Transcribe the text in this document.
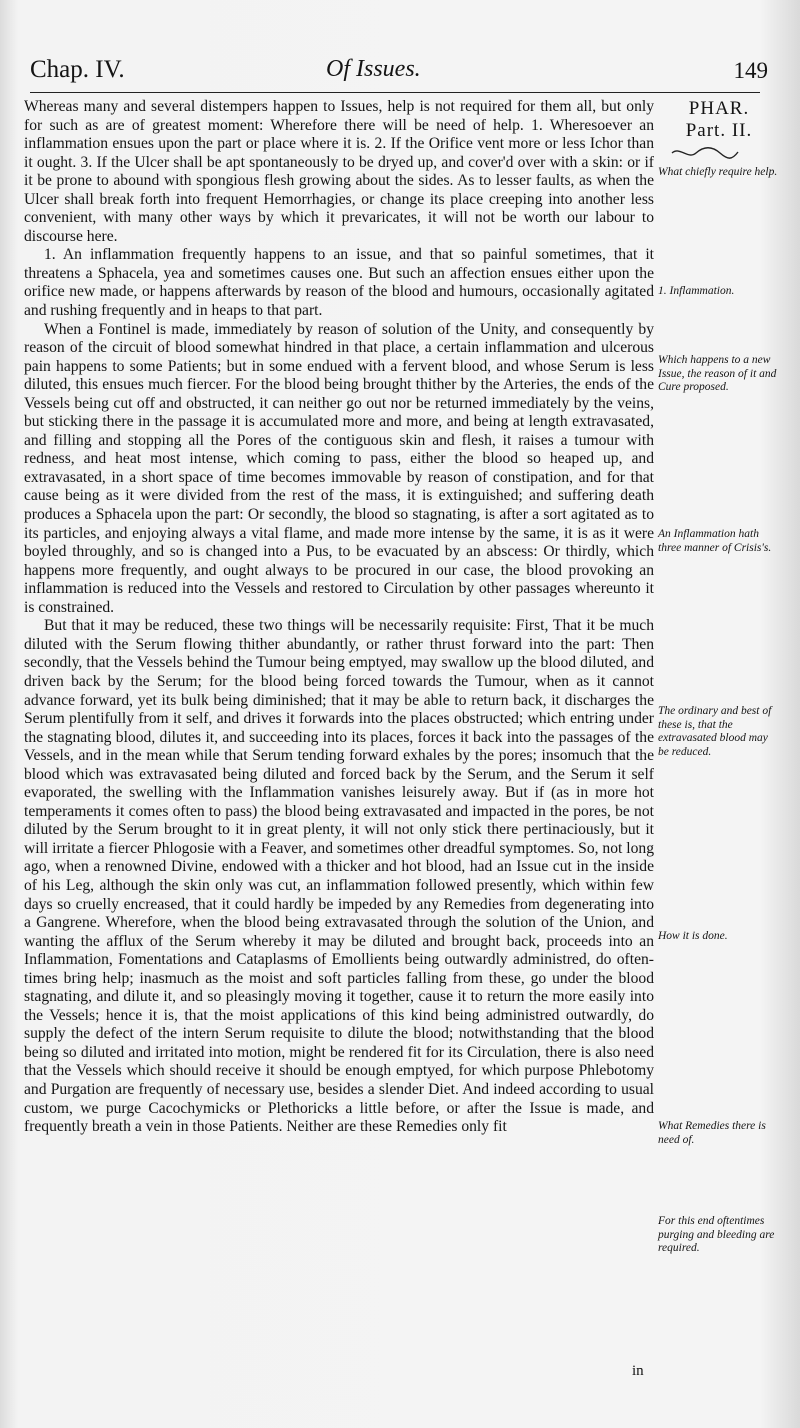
Chap. IV.	Of Issues.	149
PHAR.
Part. II.

Whereas many and several distempers happen to Issues, help is not required for them all, but only for such as are of greatest moment: Wherefore there will be need of help. 1. Wheresoever an inflammation ensues upon the part or place where it is. 2. If the Orifice vent more or less Ichor than it ought. 3. If the Ulcer shall be apt spontaneously to be dryed up, and cover'd over with a skin: or if it be prone to abound with spongious flesh growing about the sides. As to lesser faults, as when the Ulcer shall break forth into frequent Hemorrhagies, or change its place creeping into another less convenient, with many other ways by which it prevaricates, it will not be worth our labour to discourse here.

1. An inflammation frequently happens to an issue, and that so painful sometimes, that it threatens a Sphacela, yea and sometimes causes one. But such an affection ensues either upon the orifice new made, or happens afterwards by reason of the blood and humours, occasionally agitated and rushing frequently and in heaps to that part.

When a Fontinel is made, immediately by reason of solution of the Unity, and consequently by reason of the circuit of blood somewhat hindred in that place, a certain inflammation and ulcerous pain happens to some Patients; but in some endued with a fervent blood, and whose Serum is less diluted, this ensues much fiercer. For the blood being brought thither by the Arteries, the ends of the Vessels being cut off and obstructed, it can neither go out nor be returned immediately by the veins, but sticking there in the passage it is accumulated more and more, and being at length extravasated, and filling and stopping all the Pores of the contiguous skin and flesh, it raises a tumour with redness, and heat most intense, which coming to pass, either the blood so heaped up, and extravasated, in a short space of time becomes immovable by reason of constipation, and for that cause being as it were divided from the rest of the mass, it is extinguished; and suffering death produces a Sphacela upon the part: Or secondly, the blood so stagnating, is after a sort agitated as to its particles, and enjoying always a vital flame, and made more intense by the same, it is as it were boyled throughly, and so is changed into a Pus, to be evacuated by an abscess: Or thirdly, which happens more frequently, and ought always to be procured in our case, the blood provoking an inflammation is reduced into the Vessels and restored to Circulation by other passages whereunto it is constrained.

But that it may be reduced, these two things will be necessarily requisite: First, That it be much diluted with the Serum flowing thither abundantly, or rather thrust forward into the part: Then secondly, that the Vessels behind the Tumour being emptyed, may swallow up the blood diluted, and driven back by the Serum; for the blood being forced towards the Tumour, when as it cannot advance forward, yet its bulk being diminished; that it may be able to return back, it discharges the Serum plentifully from it self, and drives it forwards into the places obstructed; which entring under the stagnating blood, dilutes it, and succeeding into its places, forces it back into the passages of the Vessels, and in the mean while that Serum tending forward exhales by the pores; insomuch that the blood which was extravasated being diluted and forced back by the Serum, and the Serum it self evaporated, the swelling with the Inflammation vanishes leisurely away. But if (as in more hot temperaments it comes often to pass) the blood being extravasated and impacted in the pores, be not diluted by the Serum brought to it in great plenty, it will not only stick there pertinaciously, but it will irritate a fiercer Phlogosie with a Feaver, and sometimes other dreadful symptomes. So, not long ago, when a renowned Divine, endowed with a thicker and hot blood, had an Issue cut in the inside of his Leg, although the skin only was cut, an inflammation followed presently, which within few days so cruelly encreased, that it could hardly be impeded by any Remedies from degenerating into a Gangrene. Wherefore, when the blood being extravasated through the solution of the Union, and wanting the afflux of the Serum whereby it may be diluted and brought back, proceeds into an Inflammation, Fomentations and Cataplasms of Emollients being outwardly administred, do often-times bring help; inasmuch as the moist and soft particles falling from these, go under the blood stagnating, and dilute it, and so pleasingly moving it together, cause it to return the more easily into the Vessels; hence it is, that the moist applications of this kind being administred outwardly, do supply the defect of the intern Serum requisite to dilute the blood; notwithstanding that the blood being so diluted and irritated into motion, might be rendered fit for its Circulation, there is also need that the Vessels which should receive it should be enough emptyed, for which purpose Phlebotomy and Purgation are frequently of necessary use, besides a slender Diet. And indeed according to usual custom, we purge Cacochymicks or Plethoricks a little before, or after the Issue is made, and frequently breath a vein in those Patients. Neither are these Remedies only fit

in
What chiefly require help.
1. Inflammation.
Which happens to a new Issue, the reason of it and Cure proposed.
An Inflammation hath three manner of Crisis's.
The ordinary and best of these is, that the extravasated blood may be reduced.
How it is done.
What Remedies there is need of.
For this end oftentimes purging and bleeding are required.
